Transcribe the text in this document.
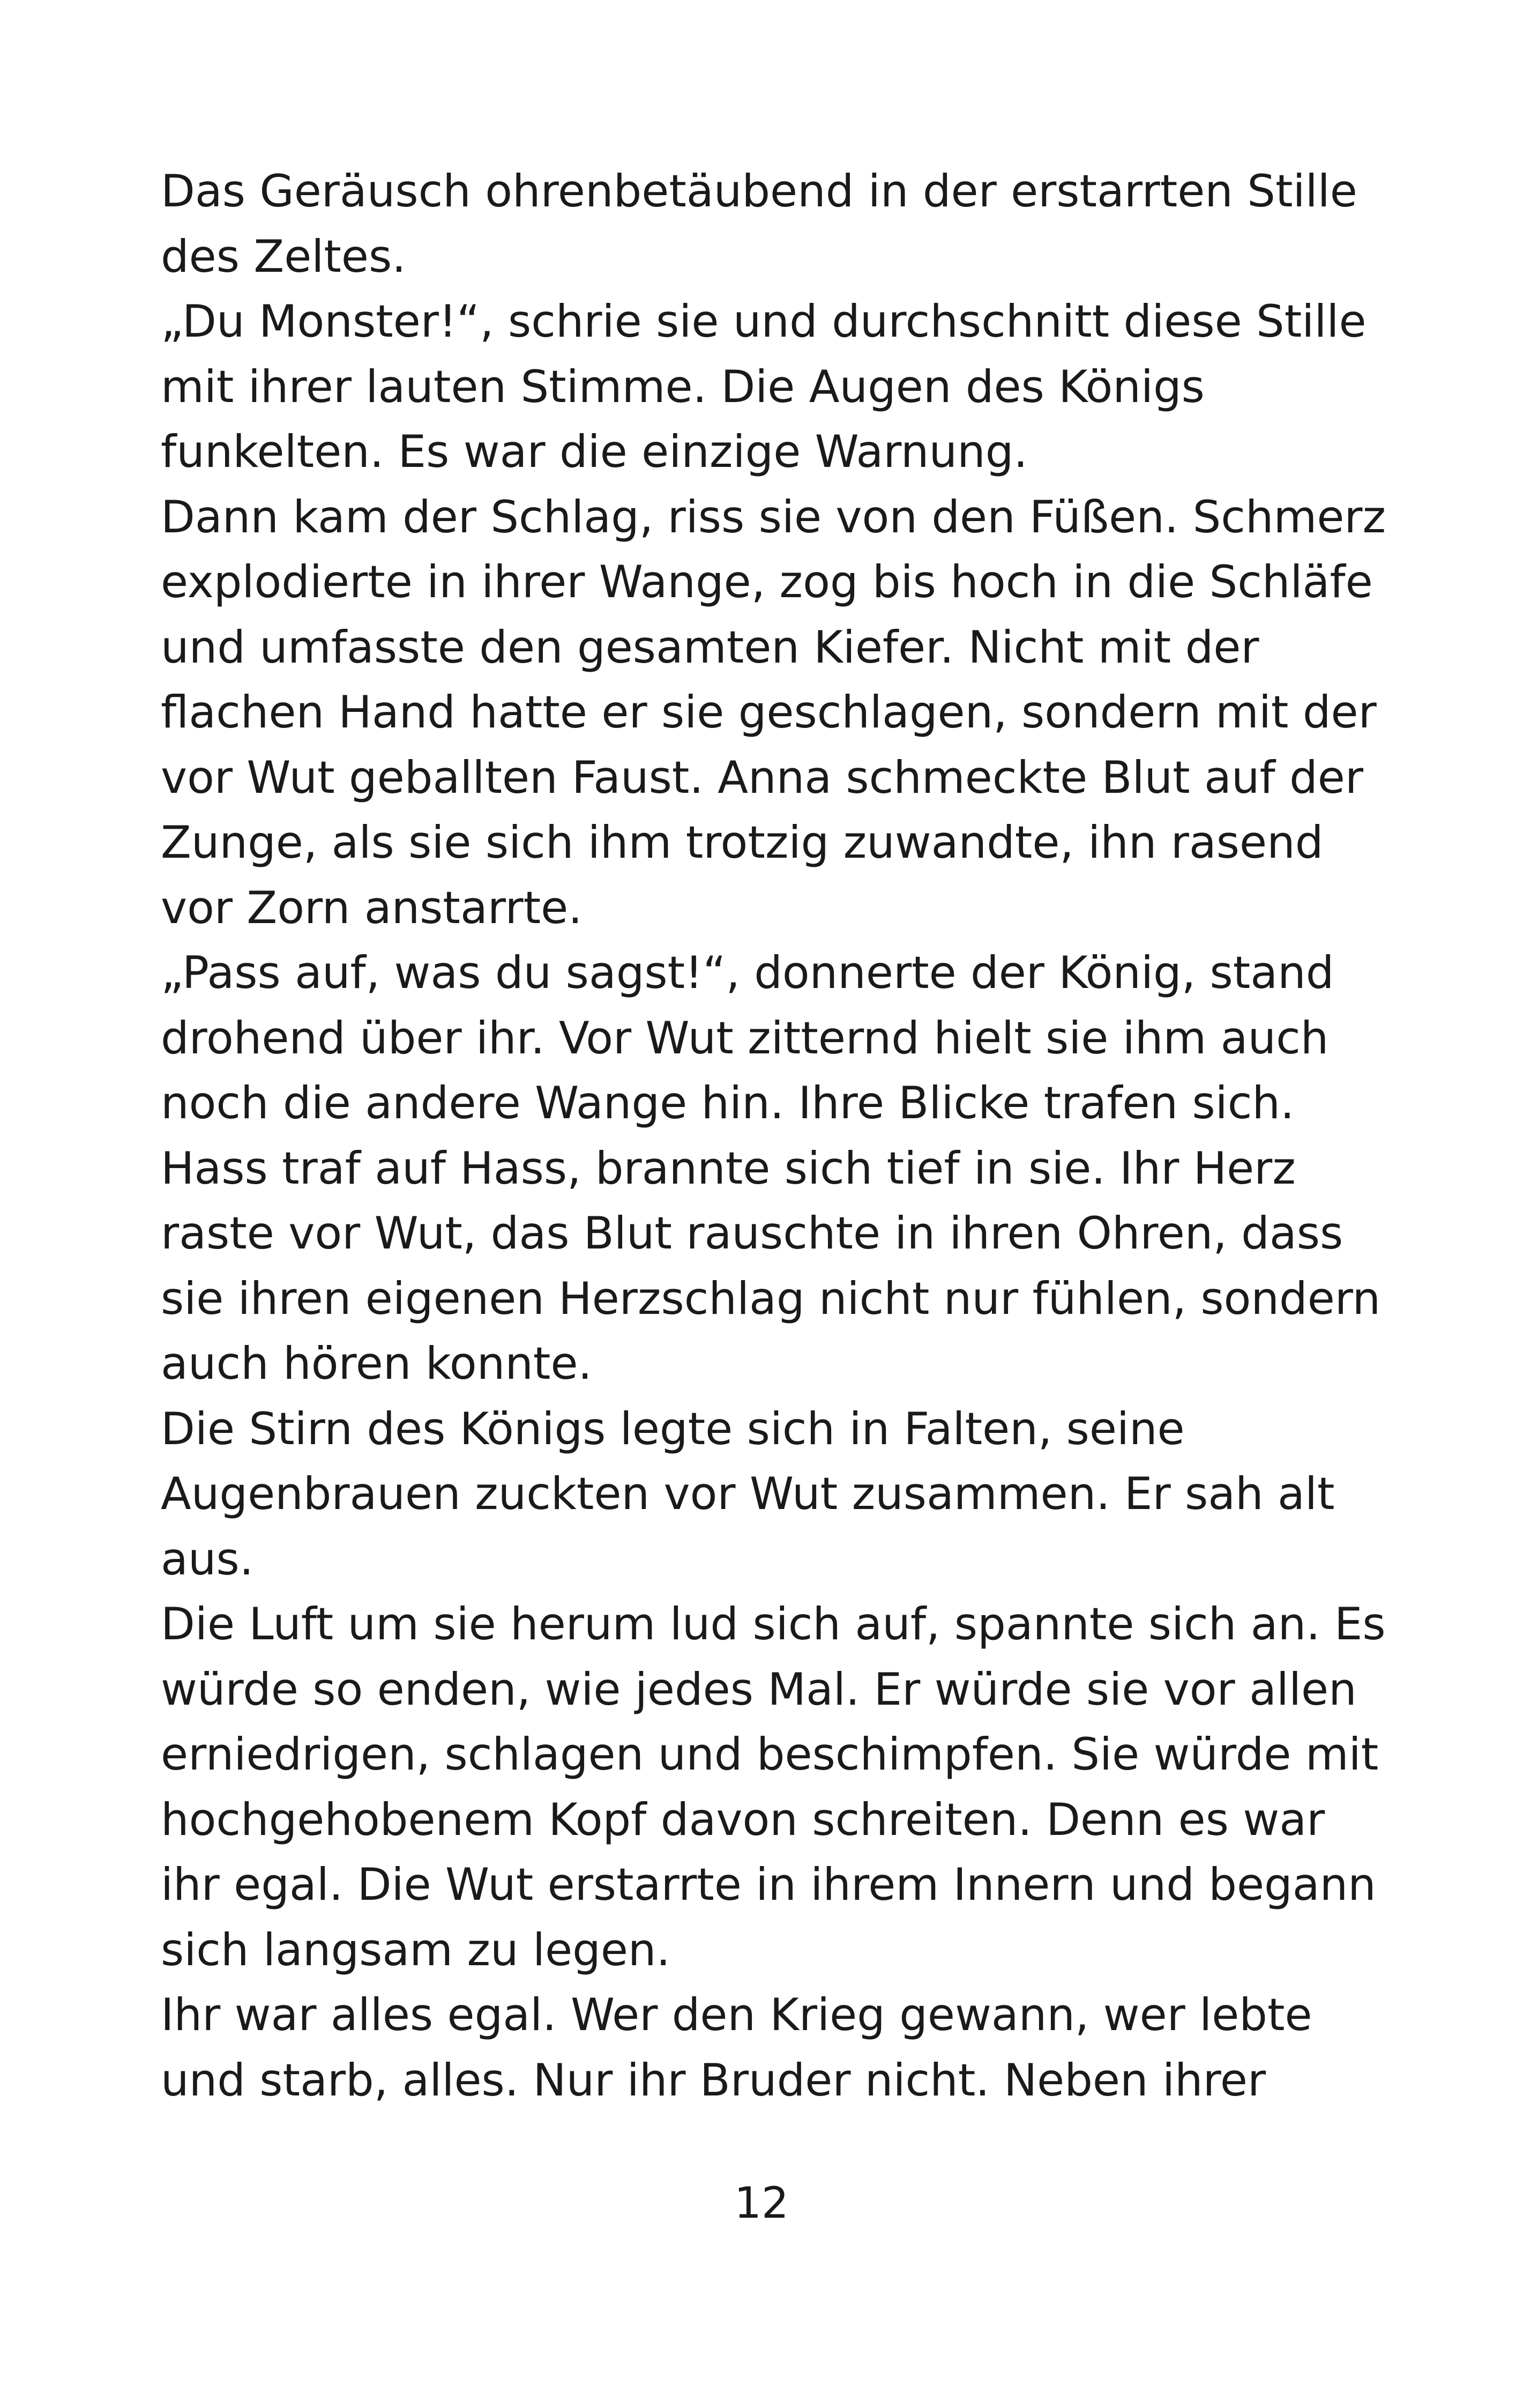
Das Geräusch ohrenbetäubend in der erstarrten Stille
des Zeltes.
„Du Monster!“, schrie sie und durchschnitt diese Stille
mit ihrer lauten Stimme. Die Augen des Königs
funkelten. Es war die einzige Warnung.
Dann kam der Schlag, riss sie von den Füßen. Schmerz
explodierte in ihrer Wange, zog bis hoch in die Schläfe
und umfasste den gesamten Kiefer. Nicht mit der
flachen Hand hatte er sie geschlagen, sondern mit der
vor Wut geballten Faust. Anna schmeckte Blut auf der
Zunge, als sie sich ihm trotzig zuwandte, ihn rasend
vor Zorn anstarrte.
„Pass auf, was du sagst!“, donnerte der König, stand
drohend über ihr. Vor Wut zitternd hielt sie ihm auch
noch die andere Wange hin. Ihre Blicke trafen sich.
Hass traf auf Hass, brannte sich tief in sie. Ihr Herz
raste vor Wut, das Blut rauschte in ihren Ohren, dass
sie ihren eigenen Herzschlag nicht nur fühlen, sondern
auch hören konnte.
Die Stirn des Königs legte sich in Falten, seine
Augenbrauen zuckten vor Wut zusammen. Er sah alt
aus.
Die Luft um sie herum lud sich auf, spannte sich an. Es
würde so enden, wie jedes Mal. Er würde sie vor allen
erniedrigen, schlagen und beschimpfen. Sie würde mit
hochgehobenem Kopf davon schreiten. Denn es war
ihr egal. Die Wut erstarrte in ihrem Innern und begann
sich langsam zu legen.
Ihr war alles egal. Wer den Krieg gewann, wer lebte
und starb, alles. Nur ihr Bruder nicht. Neben ihrer
12
